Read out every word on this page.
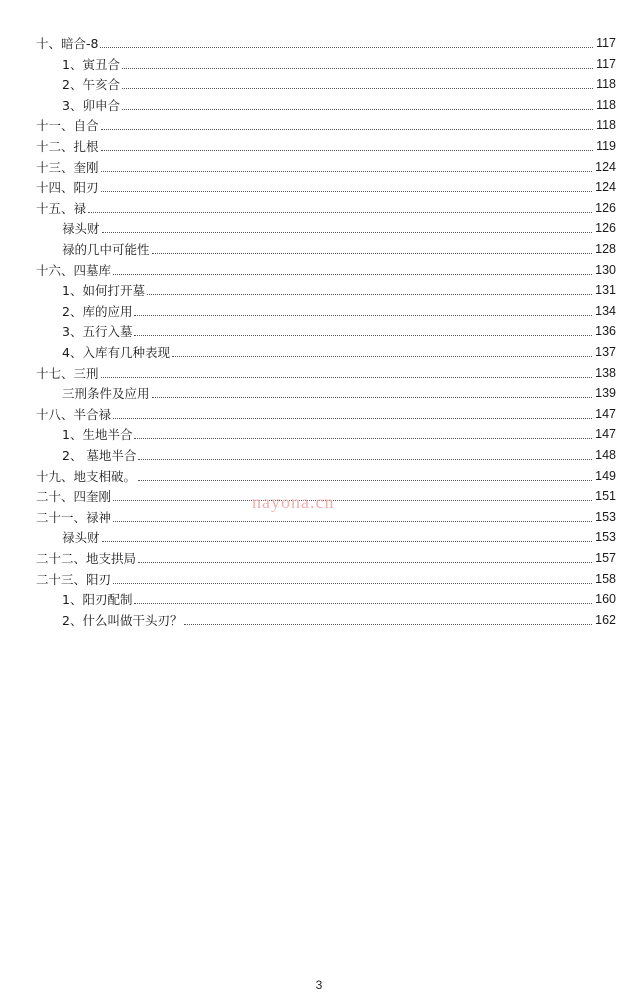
十、暗合-8	117
1、寅丑合	117
2、午亥合	118
3、卯申合	118
十一、自合	118
十二、扎根	119
十三、奎刚	124
十四、阳刃	124
十五、禄	126
禄头财	126
禄的几中可能性	128
十六、四墓库	130
1、如何打开墓	131
2、库的应用	134
3、五行入墓	136
4、入库有几种表现	137
十七、三刑	138
三刑条件及应用	139
十八、半合禄	147
1、生地半合	147
2、 墓地半合	148
十九、地支相破。	149
二十、四奎刚	151
二十一、禄神	153
禄头财	153
二十二、地支拱局	157
二十三、阳刃	158
1、阳刃配制	160
2、什么叫做干头刃？	162
nayona.cn
3
